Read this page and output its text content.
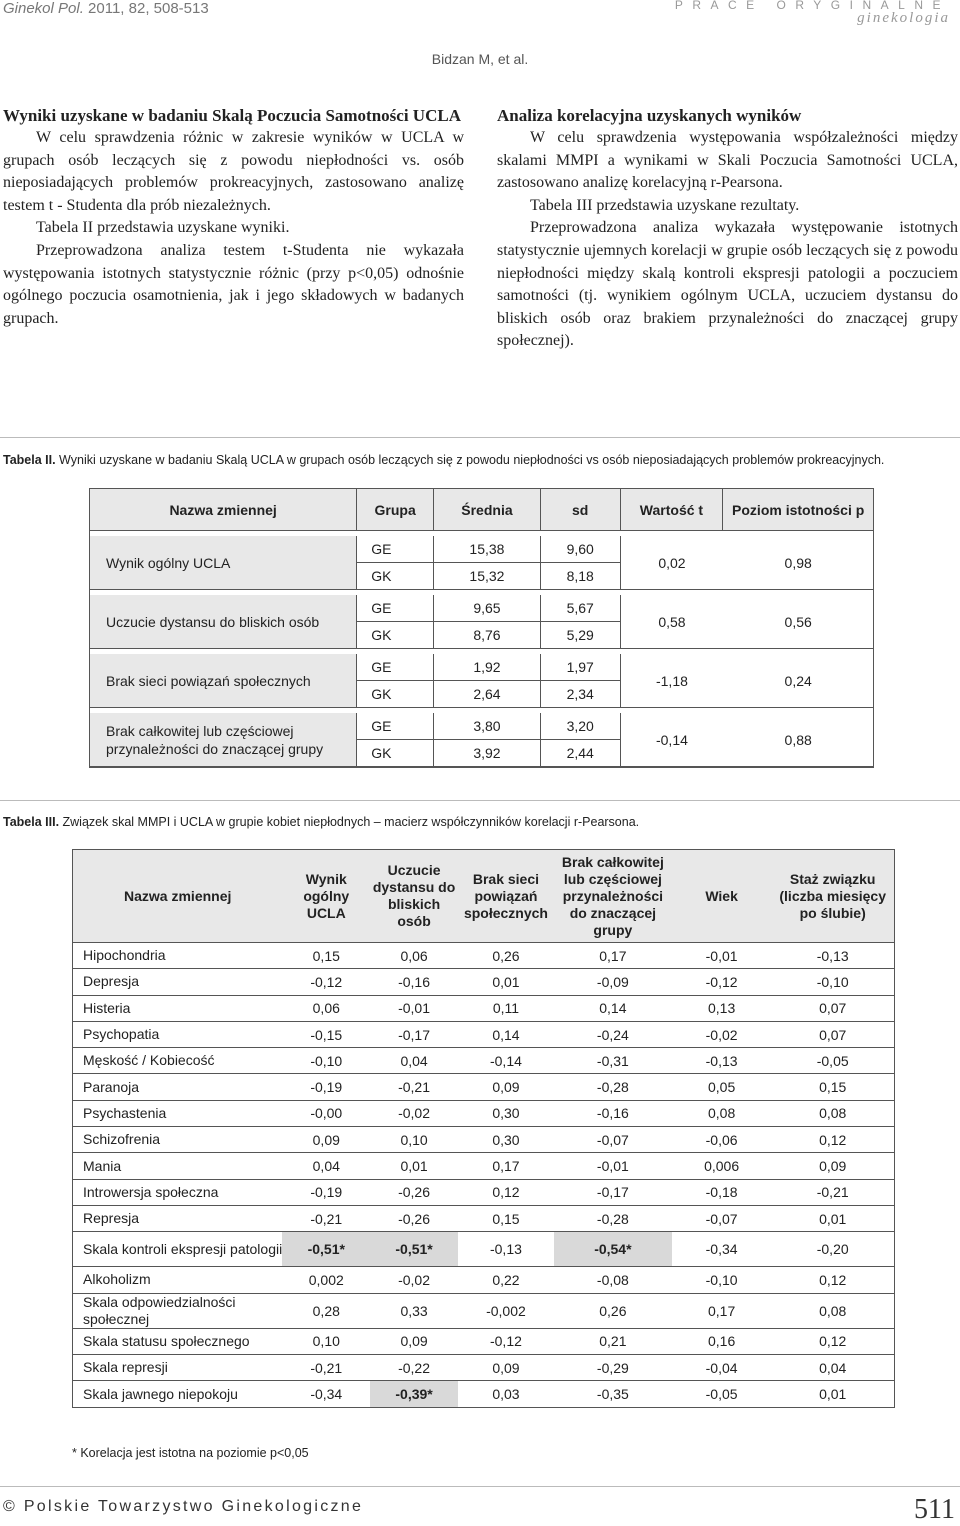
Ginekol Pol. 2011, 82, 508-513	PRACE ORYGINALNE
ginekologia
Bidzan M, et al.
Wyniki uzyskane w badaniu Skalą Poczucia Samotności UCLA

W celu sprawdzenia różnic w zakresie wyników w UCLA w grupach osób leczących się z powodu niepłodności vs. osób nieposiadających problemów prokreacyjnych, zastosowano analizę testem t - Studenta dla prób niezależnych.

Tabela II przedstawia uzyskane wyniki.

Przeprowadzona analiza testem t-Studenta nie wykazała występowania istotnych statystycznie różnic (przy p<0,05) odnośnie ogólnego poczucia osamotnienia, jak i jego składowych w badanych grupach.

Analiza korelacyjna uzyskanych wyników

W celu sprawdzenia występowania współzależności między skalami MMPI a wynikami w Skali Poczucia Samotności UCLA, zastosowano analizę korelacyjną r-Pearsona.

Tabela III przedstawia uzyskane rezultaty.

Przeprowadzona analiza wykazała występowanie istotnych statystycznie ujemnych korelacji w grupie osób leczących się z powodu niepłodności między skalą kontroli ekspresji patologii a poczuciem samotności (tj. wynikiem ogólnym UCLA, uczuciem dystansu do bliskich osób oraz brakiem przynależności do znaczącej grupy społecznej).

Tabela II. Wyniki uzyskane w badaniu Skalą UCLA w grupach osób leczących się z powodu niepłodności vs osób nieposiadających problemów prokreacyjnych.
Nazwa zmiennej	Grupa	Średnia	sd	Wartość t	Poziom istotności p

Wynik ogólny UCLA	GE	15,38	9,60	0,02	0,98
	GK	15,32	8,18		

Uczucie dystansu do bliskich osób	GE	9,65	5,67	0,58	0,56
	GK	8,76	5,29		

Brak sieci powiązań społecznych	GE	1,92	1,97	-1,18	0,24
	GK	2,64	2,34		

Brak całkowitej lub częściowej przynależności do znaczącej grupy	GE	3,80	3,20	-0,14	0,88
	GK	3,92	2,44		
Tabela III. Związek skal MMPI i UCLA w grupie kobiet niepłodnych – macierz współczynników korelacji r-Pearsona.
Nazwa zmiennej	Wynik ogólny UCLA	Uczucie dystansu do bliskich osób	Brak sieci powiązań społecznych	Brak całkowitej lub częściowej przynależności do znaczącej grupy	Wiek	Staż związku (liczba miesięcy po ślubie)
Hipochondria	0,15	0,06	0,26	0,17	-0,01	-0,13
Depresja	-0,12	-0,16	0,01	-0,09	-0,12	-0,10
Histeria	0,06	-0,01	0,11	0,14	0,13	0,07
Psychopatia	-0,15	-0,17	0,14	-0,24	-0,02	0,07
Męskość / Kobiecość	-0,10	0,04	-0,14	-0,31	-0,13	-0,05
Paranoja	-0,19	-0,21	0,09	-0,28	0,05	0,15
Psychastenia	-0,00	-0,02	0,30	-0,16	0,08	0,08
Schizofrenia	0,09	0,10	0,30	-0,07	-0,06	0,12
Mania	0,04	0,01	0,17	-0,01	0,006	0,09
Introwersja społeczna	-0,19	-0,26	0,12	-0,17	-0,18	-0,21
Represja	-0,21	-0,26	0,15	-0,28	-0,07	0,01
Skala kontroli ekspresji patologii	-0,51*	-0,51*	-0,13	-0,54*	-0,34	-0,20
Alkoholizm	0,002	-0,02	0,22	-0,08	-0,10	0,12
Skala odpowiedzialności społecznej	0,28	0,33	-0,002	0,26	0,17	0,08
Skala statusu społecznego	0,10	0,09	-0,12	0,21	0,16	0,12
Skala represji	-0,21	-0,22	0,09	-0,29	-0,04	0,04
Skala jawnego niepokoju	-0,34	-0,39*	0,03	-0,35	-0,05	0,01
* Korelacja jest istotna na poziomie p<0,05
© Polskie Towarzystwo Ginekologiczne	511
